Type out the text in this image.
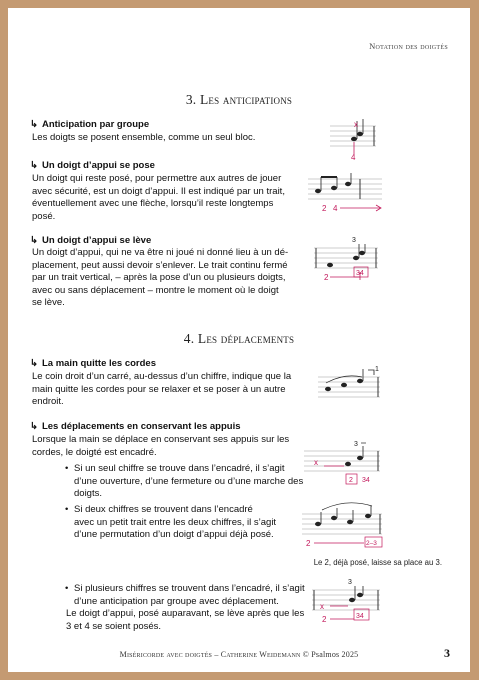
Notation des doigtés
3. Les anticipations
↳ Anticipation par groupe
Les doigts se posent ensemble, comme un seul bloc.
↳ Un doigt d’appui se pose
Un doigt qui reste posé, pour permettre aux autres de jouer
avec sécurité, est un doigt d’appui. Il est indiqué par un trait,
éventuellement avec une flèche, lorsqu’il reste longtemps
posé.
↳ Un doigt d’appui se lève
Un doigt d’appui, qui ne va être ni joué ni donné lieu à un dé-
placement, peut aussi devoir s’enlever. Le trait continu fermé
par un trait vertical, – après la pose d’un ou plusieurs doigts,
avec ou sans déplacement – montre le moment où le doigt
se lève.
4. Les déplacements
↳ La main quitte les cordes
Le coin droit d’un carré, au-dessus d’un chiffre, indique que la
main quitte les cordes pour se relaxer et se poser à un autre
endroit.
↳ Les déplacements en conservant les appuis
Lorsque la main se déplace en conservant ses appuis sur les
cordes, le doigté est encadré.
• Si un seul chiffre se trouve dans l’encadré, il s’agit
d’une ouverture, d’une fermeture ou d’une marche des
doigts.
• Si deux chiffres se trouvent dans l’encadré
avec un petit trait entre les deux chiffres, il s’agit
d’une permutation d’un doigt d’appui déjà posé.
Le 2, déjà posé, laisse sa place au 3.
• Si plusieurs chiffres se trouvent dans l’encadré, il s’agit
d’une anticipation par groupe avec déplacement.
Le doigt d’appui, posé auparavant, se lève après que les
3 et 4 se soient posés.
x
4
2 4
3
2	34
1
3
x
2 34
2	2–3
3
x
2	34
Miséricorde avec doigtés – Catherine Weidemann © Psalmos 2025	3
